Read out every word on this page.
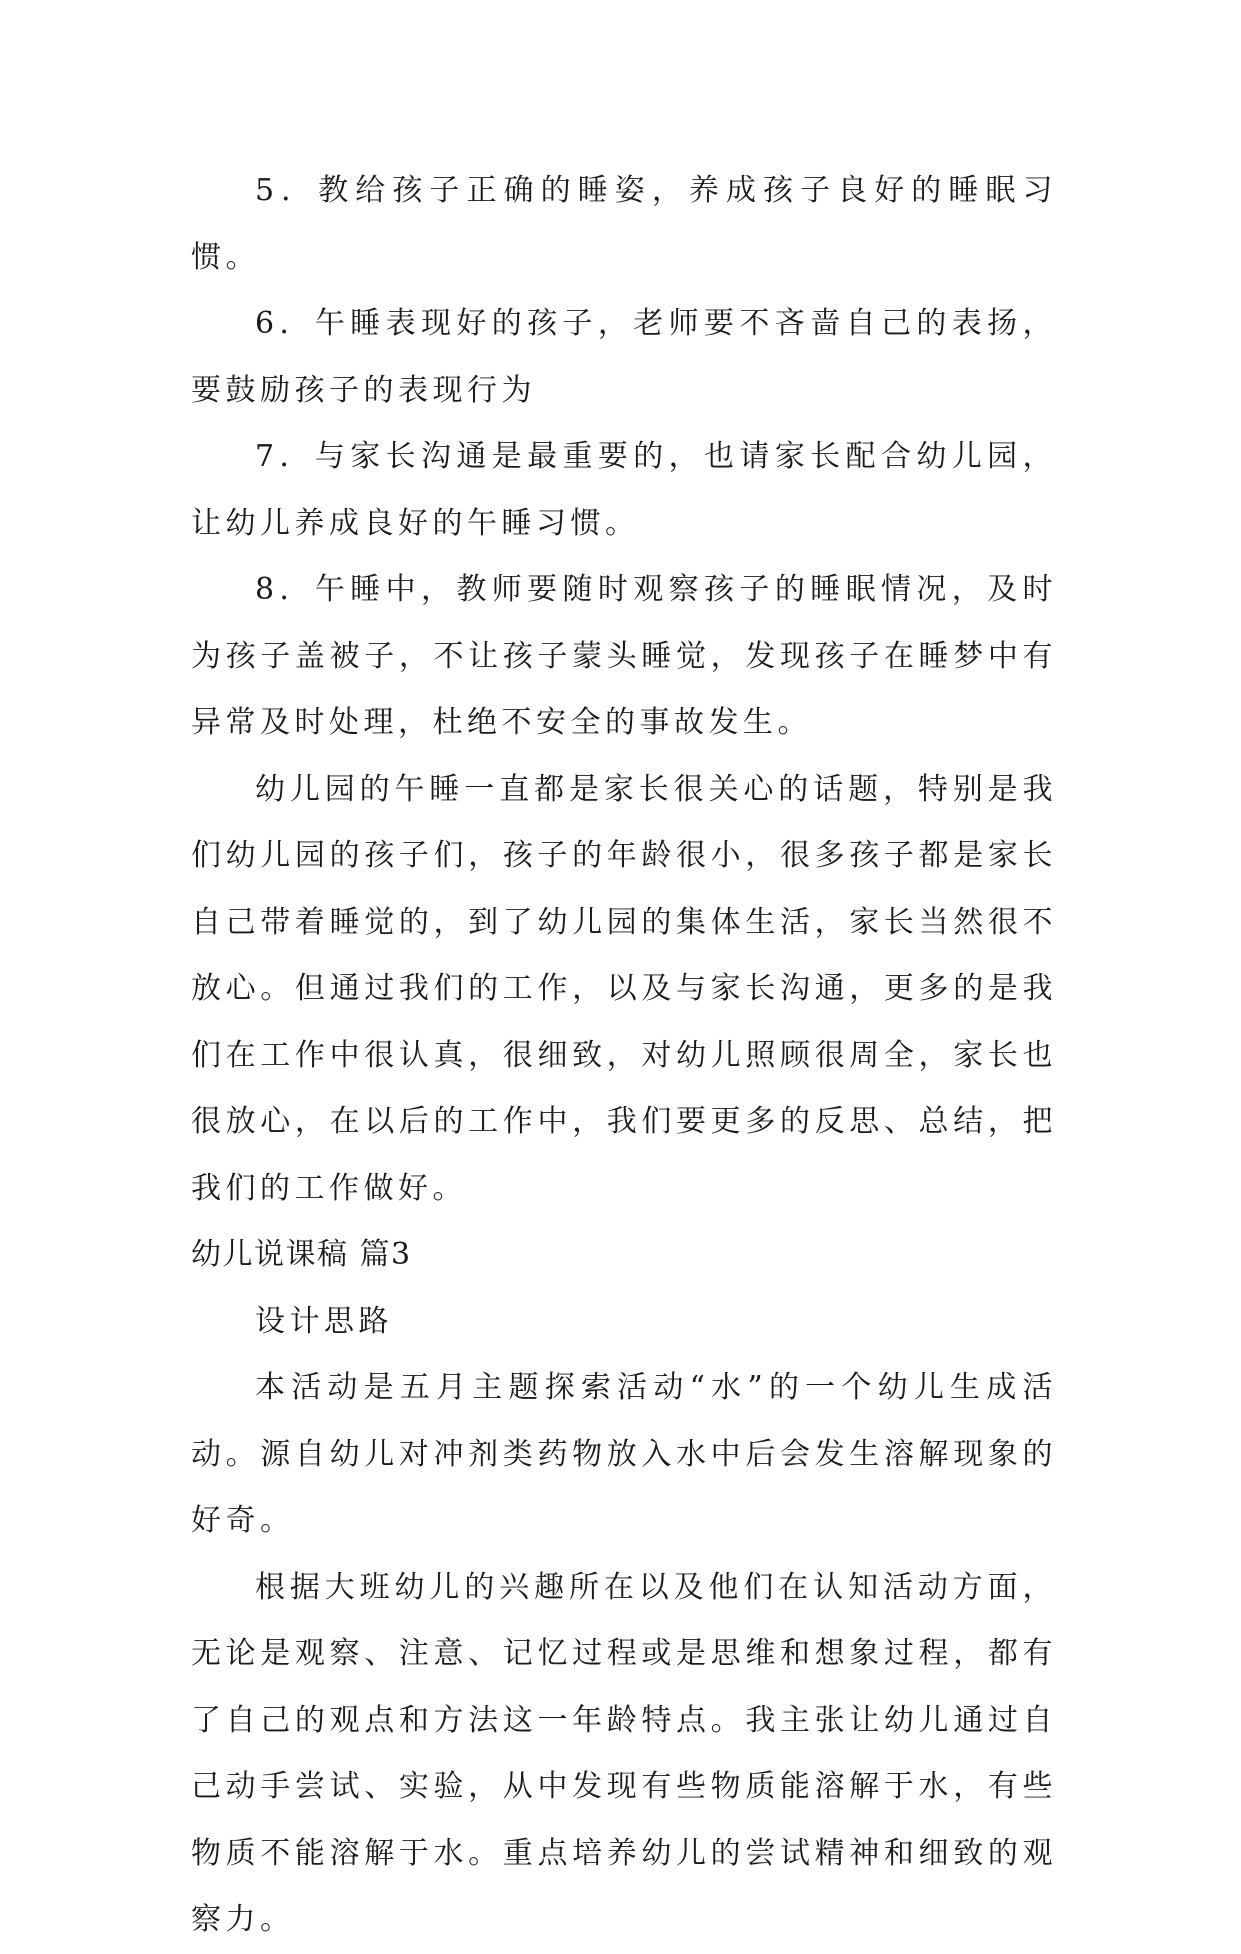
5．教给孩子正确的睡姿，养成孩子良好的睡眠习惯。

6．午睡表现好的孩子，老师要不吝啬自己的表扬，要鼓励孩子的表现行为

7．与家长沟通是最重要的，也请家长配合幼儿园，让幼儿养成良好的午睡习惯。

8．午睡中，教师要随时观察孩子的睡眠情况，及时为孩子盖被子，不让孩子蒙头睡觉，发现孩子在睡梦中有异常及时处理，杜绝不安全的事故发生。

幼儿园的午睡一直都是家长很关心的话题，特别是我们幼儿园的孩子们，孩子的年龄很小，很多孩子都是家长自己带着睡觉的，到了幼儿园的集体生活，家长当然很不放心。但通过我们的工作，以及与家长沟通，更多的是我们在工作中很认真，很细致，对幼儿照顾很周全，家长也很放心，在以后的工作中，我们要更多的反思、总结，把我们的工作做好。

幼儿说课稿 篇3

设计思路

本活动是五月主题探索活动“水”的一个幼儿生成活动。源自幼儿对冲剂类药物放入水中后会发生溶解现象的好奇。

根据大班幼儿的兴趣所在以及他们在认知活动方面，无论是观察、注意、记忆过程或是思维和想象过程，都有了自己的观点和方法这一年龄特点。我主张让幼儿通过自己动手尝试、实验，从中发现有些物质能溶解于水，有些物质不能溶解于水。重点培养幼儿的尝试精神和细致的观察力。
